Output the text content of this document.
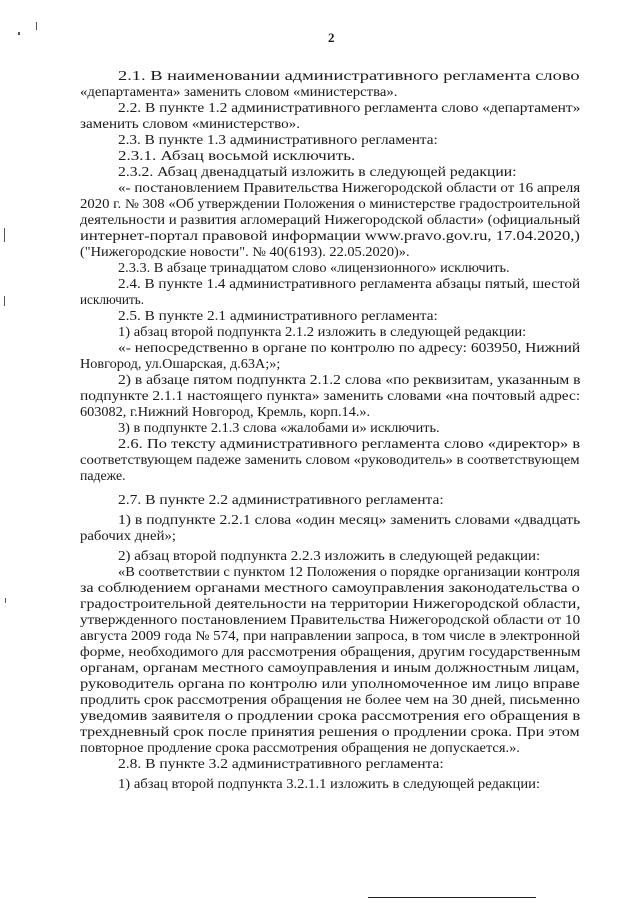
2
2.1. В наименовании административного регламента слово
«департамента» заменить словом «министерства».
2.2. В пункте 1.2 административного регламента слово «департамент»
заменить словом «министерство».
2.3. В пункте 1.3 административного регламента:
2.3.1. Абзац восьмой исключить.
2.3.2. Абзац двенадцатый изложить в следующей редакции:
«- постановлением Правительства Нижегородской области от 16 апреля
2020 г. № 308 «Об утверждении Положения о министерстве градостроительной
деятельности и развития агломераций Нижегородской области» (официальный
интернет-портал правовой информации www.pravo.gov.ru, 17.04.2020,)
("Нижегородские новости". № 40(6193). 22.05.2020)».
2.3.3. В абзаце тринадцатом слово «лицензионного» исключить.
2.4. В пункте 1.4 административного регламента абзацы пятый, шестой
исключить.
2.5. В пункте 2.1 административного регламента:
1) абзац второй подпункта 2.1.2 изложить в следующей редакции:
«- непосредственно в органе по контролю по адресу: 603950, Нижний
Новгород, ул.Ошарская, д.63А;»;
2) в абзаце пятом подпункта 2.1.2 слова «по реквизитам, указанным в
подпункте 2.1.1 настоящего пункта» заменить словами «на почтовый адрес:
603082, г.Нижний Новгород, Кремль, корп.14.».
3) в подпункте 2.1.3 слова «жалобами и» исключить.
2.6. По тексту административного регламента слово «директор» в
соответствующем падеже заменить словом «руководитель» в соответствующем
падеже.
2.7. В пункте 2.2 административного регламента:
1) в подпункте 2.2.1 слова «один месяц» заменить словами «двадцать
рабочих дней»;
2) абзац второй подпункта 2.2.3 изложить в следующей редакции:
«В соответствии с пунктом 12 Положения о порядке организации контроля
за соблюдением органами местного самоуправления законодательства о
градостроительной деятельности на территории Нижегородской области,
утвержденного постановлением Правительства Нижегородской области от 10
августа 2009 года № 574, при направлении запроса, в том числе в электронной
форме, необходимого для рассмотрения обращения, другим государственным
органам, органам местного самоуправления и иным должностным лицам,
руководитель органа по контролю или уполномоченное им лицо вправе
продлить срок рассмотрения обращения не более чем на 30 дней, письменно
уведомив заявителя о продлении срока рассмотрения его обращения в
трехдневный срок после принятия решения о продлении срока. При этом
повторное продление срока рассмотрения обращения не допускается.».
2.8. В пункте 3.2 административного регламента:
1) абзац второй подпункта 3.2.1.1 изложить в следующей редакции:
